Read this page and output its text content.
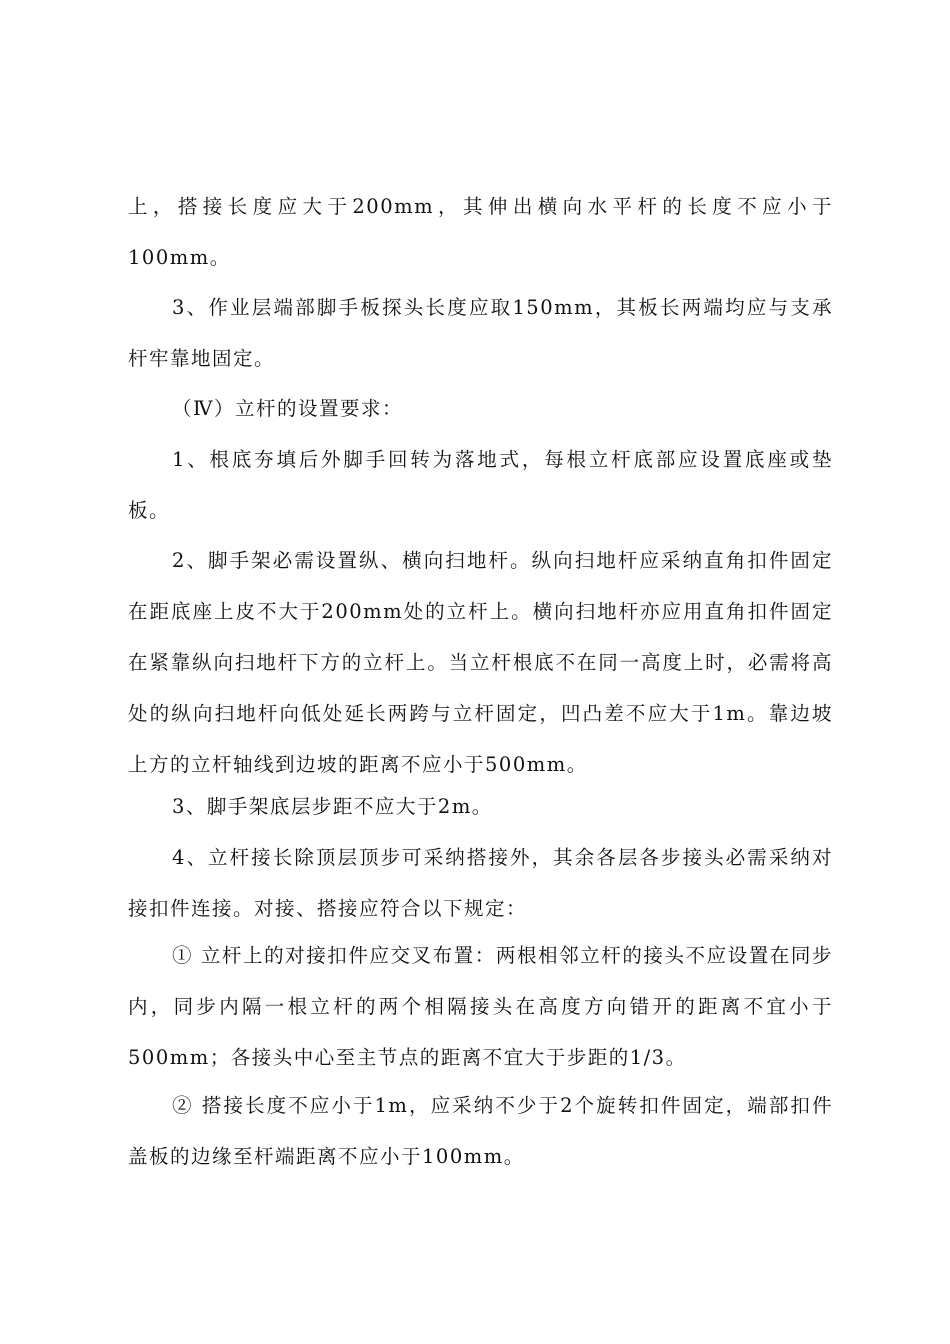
上，搭接长度应大于200mm，其伸出横向水平杆的长度不应小于100mm。

3、作业层端部脚手板探头长度应取150mm，其板长两端均应与支承杆牢靠地固定。

（Ⅳ）立杆的设置要求：

1、根底夯填后外脚手回转为落地式，每根立杆底部应设置底座或垫板。

2、脚手架必需设置纵、横向扫地杆。纵向扫地杆应采纳直角扣件固定在距底座上皮不大于200mm处的立杆上。横向扫地杆亦应用直角扣件固定在紧靠纵向扫地杆下方的立杆上。当立杆根底不在同一高度上时，必需将高处的纵向扫地杆向低处延长两跨与立杆固定，凹凸差不应大于1m。靠边坡上方的立杆轴线到边坡的距离不应小于500mm。

3、脚手架底层步距不应大于2m。

4、立杆接长除顶层顶步可采纳搭接外，其余各层各步接头必需采纳对接扣件连接。对接、搭接应符合以下规定：

① 立杆上的对接扣件应交叉布置：两根相邻立杆的接头不应设置在同步内，同步内隔一根立杆的两个相隔接头在高度方向错开的距离不宜小于500mm；各接头中心至主节点的距离不宜大于步距的1/3。

② 搭接长度不应小于1m，应采纳不少于2个旋转扣件固定，端部扣件盖板的边缘至杆端距离不应小于100mm。
